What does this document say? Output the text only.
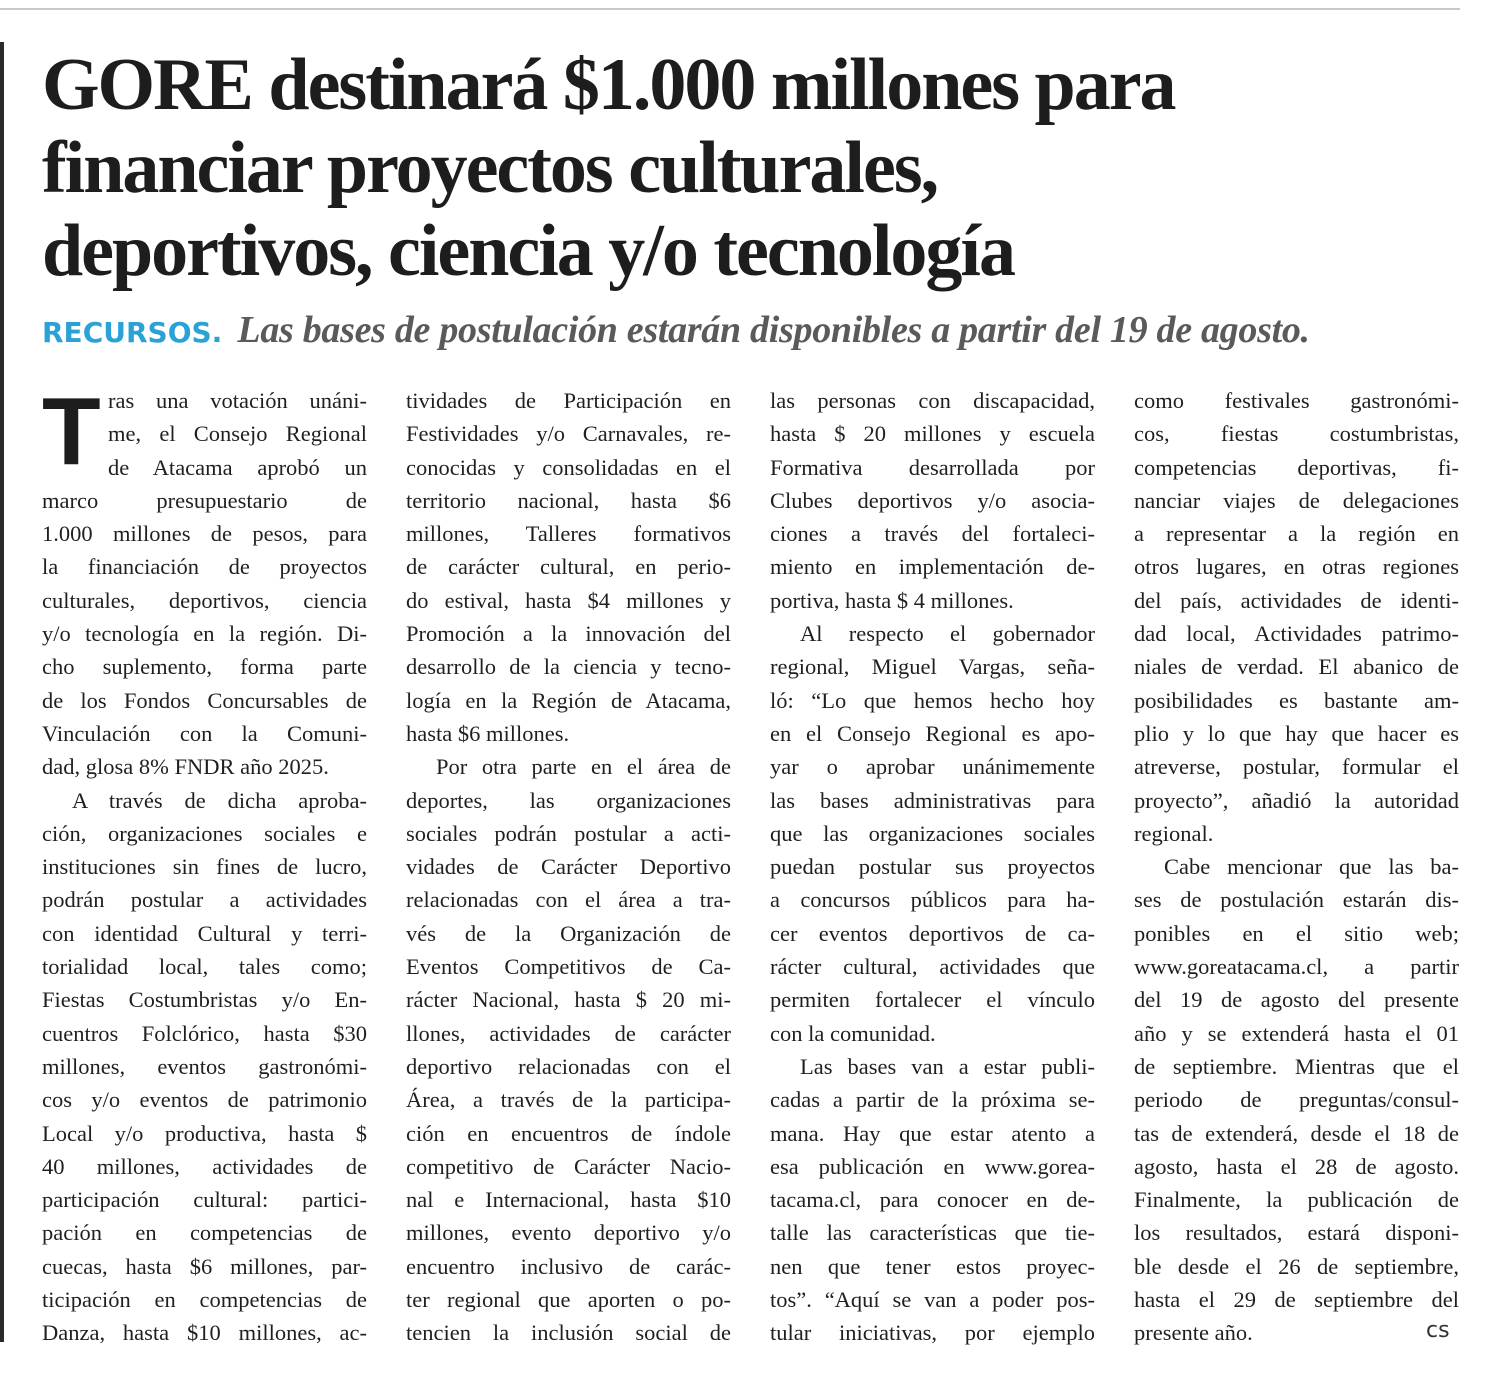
GORE destinará $1.000 millones para
financiar proyectos culturales,
deportivos, ciencia y/o tecnología
RECURSOS. Las bases de postulación estarán disponibles a partir del 19 de agosto.
T ras una votación unáni-
me, el Consejo Regional
de Atacama aprobó un
marco presupuestario de
1.000 millones de pesos, para
la financiación de proyectos
culturales, deportivos, ciencia
y/o tecnología en la región. Di-
cho suplemento, forma parte
de los Fondos Concursables de
Vinculación con la Comuni-
dad, glosa 8% FNDR año 2025.
A través de dicha aproba-
ción, organizaciones sociales e
instituciones sin fines de lucro,
podrán postular a actividades
con identidad Cultural y terri-
torialidad local, tales como;
Fiestas Costumbristas y/o En-
cuentros Folclórico, hasta $30
millones, eventos gastronómi-
cos y/o eventos de patrimonio
Local y/o productiva, hasta $
40 millones, actividades de
participación cultural: partici-
pación en competencias de
cuecas, hasta $6 millones, par-
ticipación en competencias de
Danza, hasta $10 millones, ac-
tividades de Participación en
Festividades y/o Carnavales, re-
conocidas y consolidadas en el
territorio nacional, hasta $6
millones, Talleres formativos
de carácter cultural, en perio-
do estival, hasta $4 millones y
Promoción a la innovación del
desarrollo de la ciencia y tecno-
logía en la Región de Atacama,
hasta $6 millones.
Por otra parte en el área de
deportes, las organizaciones
sociales podrán postular a acti-
vidades de Carácter Deportivo
relacionadas con el área a tra-
vés de la Organización de
Eventos Competitivos de Ca-
rácter Nacional, hasta $ 20 mi-
llones, actividades de carácter
deportivo relacionadas con el
Área, a través de la participa-
ción en encuentros de índole
competitivo de Carácter Nacio-
nal e Internacional, hasta $10
millones, evento deportivo y/o
encuentro inclusivo de carác-
ter regional que aporten o po-
tencien la inclusión social de
las personas con discapacidad,
hasta $ 20 millones y escuela
Formativa desarrollada por
Clubes deportivos y/o asocia-
ciones a través del fortaleci-
miento en implementación de-
portiva, hasta $ 4 millones.
Al respecto el gobernador
regional, Miguel Vargas, seña-
ló: “Lo que hemos hecho hoy
en el Consejo Regional es apo-
yar o aprobar unánimemente
las bases administrativas para
que las organizaciones sociales
puedan postular sus proyectos
a concursos públicos para ha-
cer eventos deportivos de ca-
rácter cultural, actividades que
permiten fortalecer el vínculo
con la comunidad.
Las bases van a estar publi-
cadas a partir de la próxima se-
mana. Hay que estar atento a
esa publicación en www.gorea-
tacama.cl, para conocer en de-
talle las características que tie-
nen que tener estos proyec-
tos”. “Aquí se van a poder pos-
tular iniciativas, por ejemplo
como festivales gastronómi-
cos, fiestas costumbristas,
competencias deportivas, fi-
nanciar viajes de delegaciones
a representar a la región en
otros lugares, en otras regiones
del país, actividades de identi-
dad local, Actividades patrimo-
niales de verdad. El abanico de
posibilidades es bastante am-
plio y lo que hay que hacer es
atreverse, postular, formular el
proyecto”, añadió la autoridad
regional.
Cabe mencionar que las ba-
ses de postulación estarán dis-
ponibles en el sitio web;
www.goreatacama.cl, a partir
del 19 de agosto del presente
año y se extenderá hasta el 01
de septiembre. Mientras que el
periodo de preguntas/consul-
tas de extenderá, desde el 18 de
agosto, hasta el 28 de agosto.
Finalmente, la publicación de
los resultados, estará disponi-
ble desde el 26 de septiembre,
hasta el 29 de septiembre del
presente año.	cs
